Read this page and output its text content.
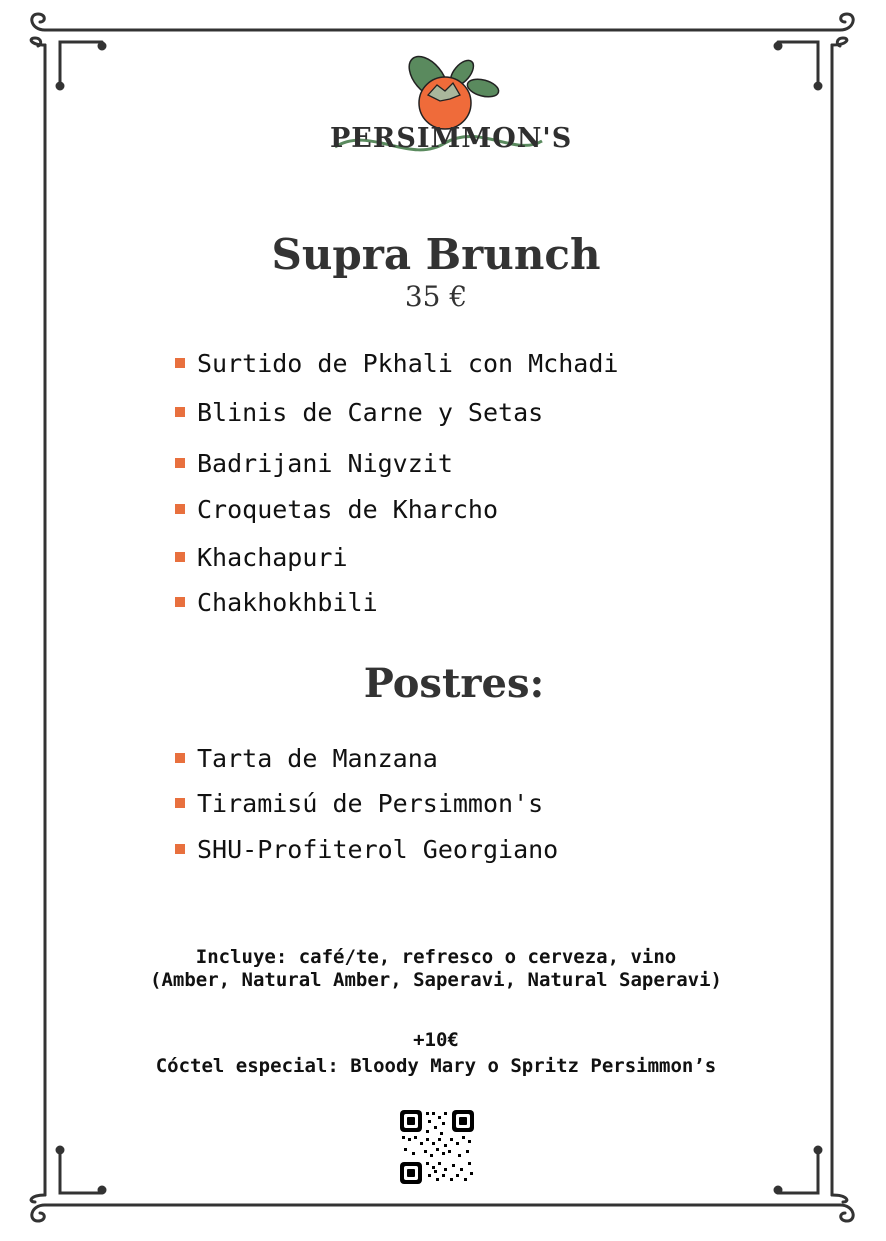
PERSIMMON'S
Supra Brunch
35 €
Surtido de Pkhali con Mchadi
Blinis de Carne y Setas
Badrijani Nigvzit
Croquetas de Kharcho
Khachapuri
Chakhokhbili
Postres:
Tarta de Manzana
Tiramisú de Persimmon's
SHU-Profiterol Georgiano

Incluye: café/te, refresco o cerveza, vino

(Amber, Natural Amber, Saperavi, Natural Saperavi)

+10€

Cóctel especial: Bloody Mary o Spritz Persimmon’s
